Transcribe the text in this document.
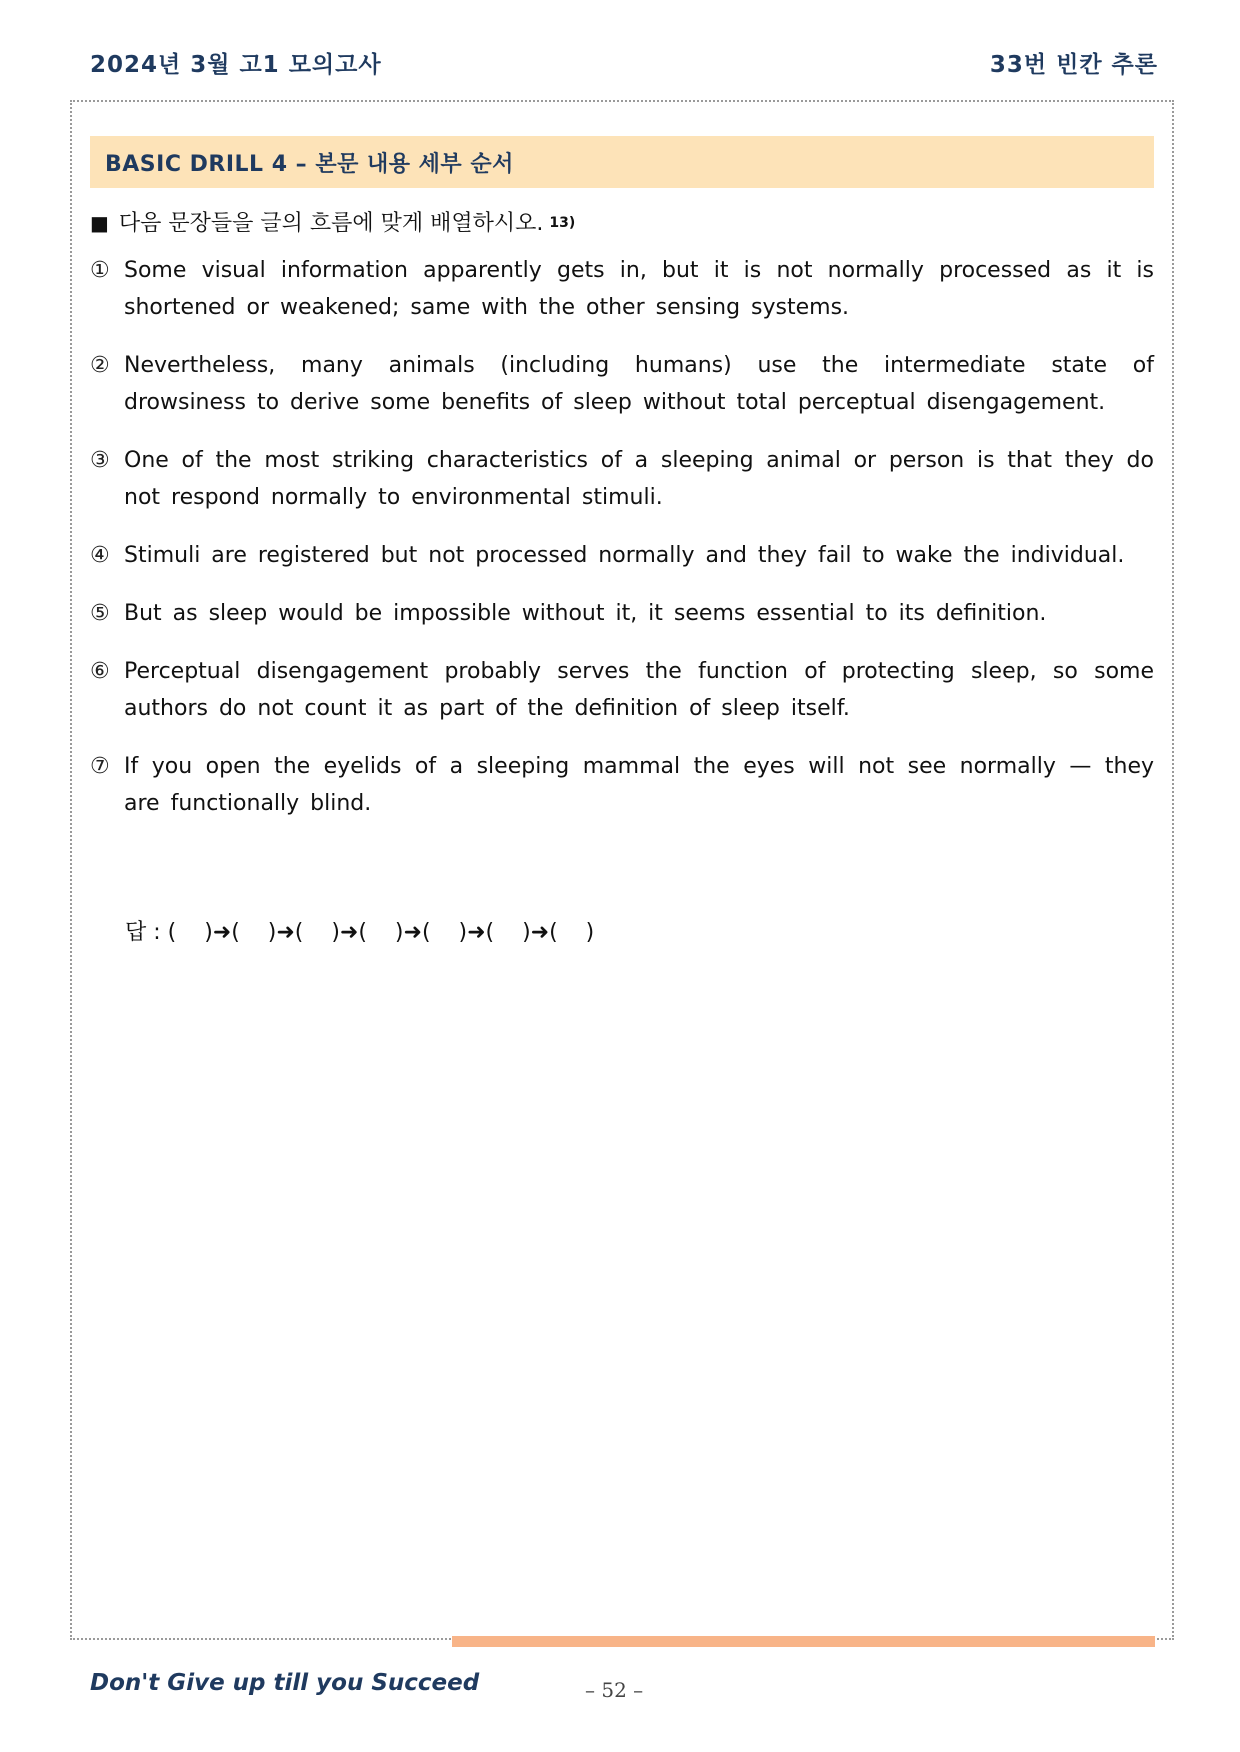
2024년 3월 고1 모의고사	33번 빈칸 추론
BASIC DRILL 4 – 본문 내용 세부 순서
■ 다음 문장들을 글의 흐름에 맞게 배열하시오. 13)
① Some visual information apparently gets in, but it is not normally processed as it is shortened or weakened; same with the other sensing systems.
② Nevertheless, many animals (including humans) use the intermediate state of drowsiness to derive some benefits of sleep without total perceptual disengagement.
③ One of the most striking characteristics of a sleeping animal or person is that they do not respond normally to environmental stimuli.
④ Stimuli are registered but not processed normally and they fail to wake the individual.
⑤ But as sleep would be impossible without it, it seems essential to its definition.
⑥ Perceptual disengagement probably serves the function of protecting sleep, so some authors do not count it as part of the definition of sleep itself.
⑦ If you open the eyelids of a sleeping mammal the eyes will not see normally — they are functionally blind.
답 : (    )➜(    )➜(    )➜(    )➜(    )➜(    )➜(    )
Don't Give up till you Succeed	– 52 –
